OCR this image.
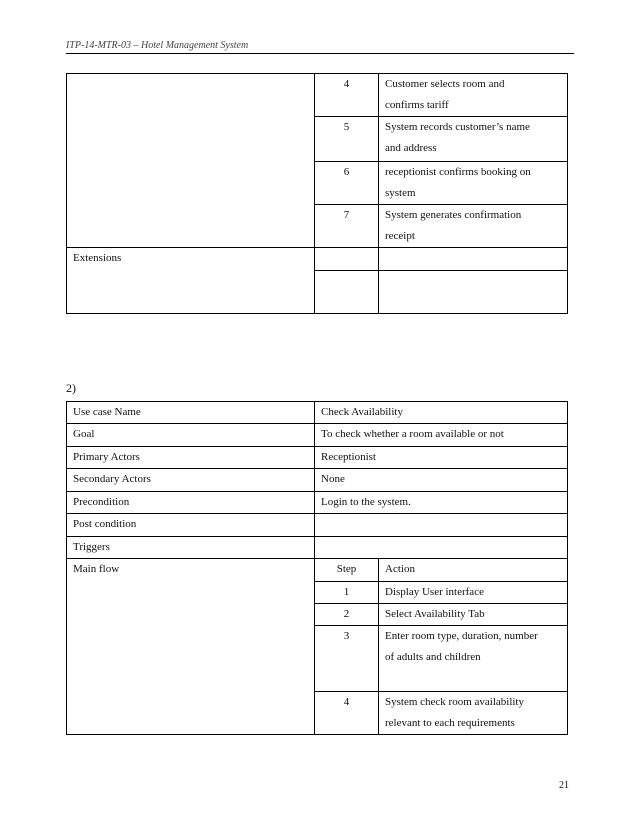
ITP-14-MTR-03 – Hotel Management System
	4	Customer selects room and
confirms tariff

	5	System records customer’s name
and address

	6	receptionist confirms booking on
system

	7	System generates confirmation
receipt

Extensions		

2)
Use case Name	Check Availability	
Goal	To check whether a room available or not	
Primary Actors	Receptionist	
Secondary Actors	None	
Precondition	Login to the system.	
Post condition		
Triggers		
Main flow	Step	Action
	1	Display User interface

	2	Select Availability Tab

	3	Enter room type, duration, number
of adults and children

	4	System check room availability
relevant to each requirements
21
